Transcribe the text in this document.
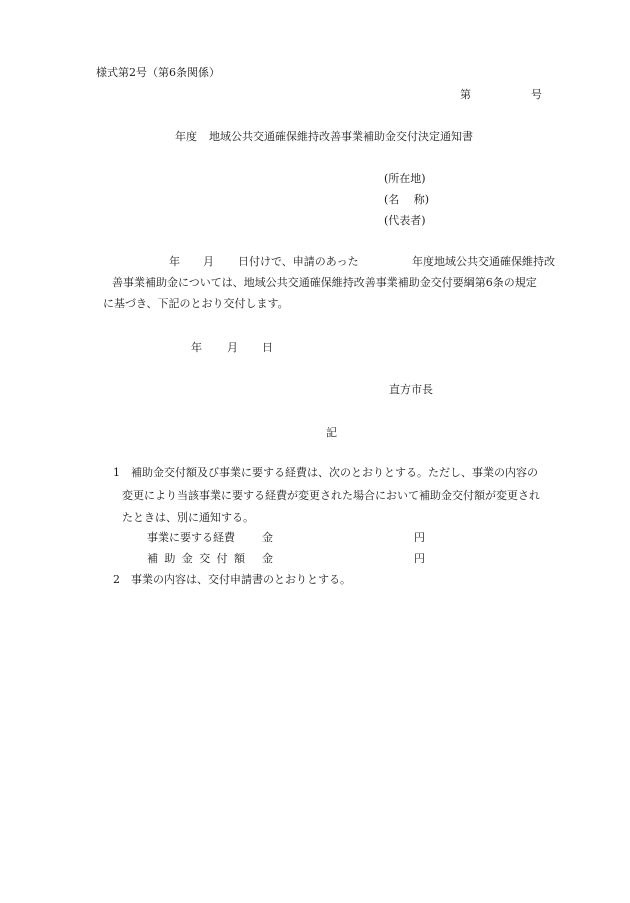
様式第2号（第6条関係）
第	号
年度 地域公共交通確保維持改善事業補助金交付決定通知書
(所在地)
(名　 称)
(代表者)
年 月 日付けで、申請のあった	年度地域公共交通確保維持改
善事業補助金については、地域公共交通確保維持改善事業補助金交付要綱第6条の規定
に基づき、下記のとおり交付します。
年 月 日
直方市長
記
1 補助金交付額及び事業に要する経費は、次のとおりとする。ただし、事業の内容の
変更により当該事業に要する経費が変更された場合において補助金交付額が変更され
たときは、別に通知する。
事業に要する経費 金	円
補助金交付額 金	円
2 事業の内容は、交付申請書のとおりとする。
